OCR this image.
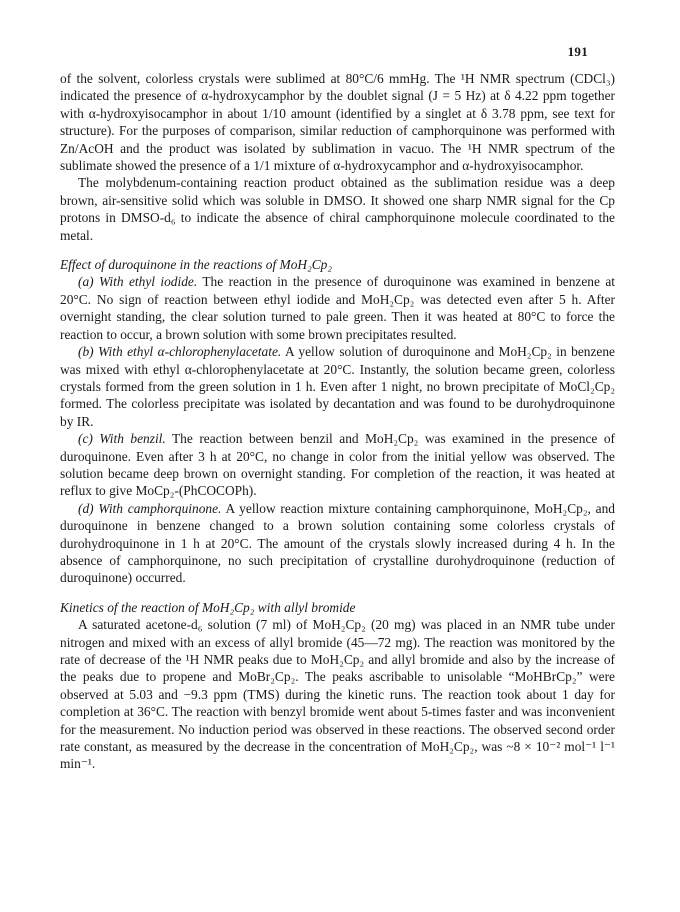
191

of the solvent, colorless crystals were sublimed at 80°C/6 mmHg. The ¹H NMR spectrum (CDCl₃) indicated the presence of α-hydroxycamphor by the doublet signal (J = 5 Hz) at δ 4.22 ppm together with α-hydroxyisocamphor in about 1/10 amount (identified by a singlet at δ 3.78 ppm, see text for structure). For the purposes of comparison, similar reduction of camphorquinone was performed with Zn/AcOH and the product was isolated by sublimation in vacuo. The ¹H NMR spectrum of the sublimate showed the presence of a 1/1 mixture of α-hydroxycamphor and α-hydroxyisocamphor.

The molybdenum-containing reaction product obtained as the sublimation residue was a deep brown, air-sensitive solid which was soluble in DMSO. It showed one sharp NMR signal for the Cp protons in DMSO-d₆ to indicate the absence of chiral camphorquinone molecule coordinated to the metal.

Effect of duroquinone in the reactions of MoH₂Cp₂

(a) With ethyl iodide. The reaction in the presence of duroquinone was examined in benzene at 20°C. No sign of reaction between ethyl iodide and MoH₂Cp₂ was detected even after 5 h. After overnight standing, the clear solution turned to pale green. Then it was heated at 80°C to force the reaction to occur, a brown solution with some brown precipitates resulted.

(b) With ethyl α-chlorophenylacetate. A yellow solution of duroquinone and MoH₂Cp₂ in benzene was mixed with ethyl α-chlorophenylacetate at 20°C. Instantly, the solution became green, colorless crystals formed from the green solution in 1 h. Even after 1 night, no brown precipitate of MoCl₂Cp₂ formed. The colorless precipitate was isolated by decantation and was found to be durohydroquinone by IR.

(c) With benzil. The reaction between benzil and MoH₂Cp₂ was examined in the presence of duroquinone. Even after 3 h at 20°C, no change in color from the initial yellow was observed. The solution became deep brown on overnight standing. For completion of the reaction, it was heated at reflux to give MoCp₂-(PhCOCOPh).

(d) With camphorquinone. A yellow reaction mixture containing camphorquinone, MoH₂Cp₂, and duroquinone in benzene changed to a brown solution containing some colorless crystals of durohydroquinone in 1 h at 20°C. The amount of the crystals slowly increased during 4 h. In the absence of camphorquinone, no such precipitation of crystalline durohydroquinone (reduction of duroquinone) occurred.

Kinetics of the reaction of MoH₂Cp₂ with allyl bromide

A saturated acetone-d₆ solution (7 ml) of MoH₂Cp₂ (20 mg) was placed in an NMR tube under nitrogen and mixed with an excess of allyl bromide (45—72 mg). The reaction was monitored by the rate of decrease of the ¹H NMR peaks due to MoH₂Cp₂ and allyl bromide and also by the increase of the peaks due to propene and MoBr₂Cp₂. The peaks ascribable to unisolable “MoHBrCp₂” were observed at 5.03 and −9.3 ppm (TMS) during the kinetic runs. The reaction took about 1 day for completion at 36°C. The reaction with benzyl bromide went about 5-times faster and was inconvenient for the measurement. No induction period was observed in these reactions. The observed second order rate constant, as measured by the decrease in the concentration of MoH₂Cp₂, was ~8 × 10⁻² mol⁻¹ l⁻¹ min⁻¹.
